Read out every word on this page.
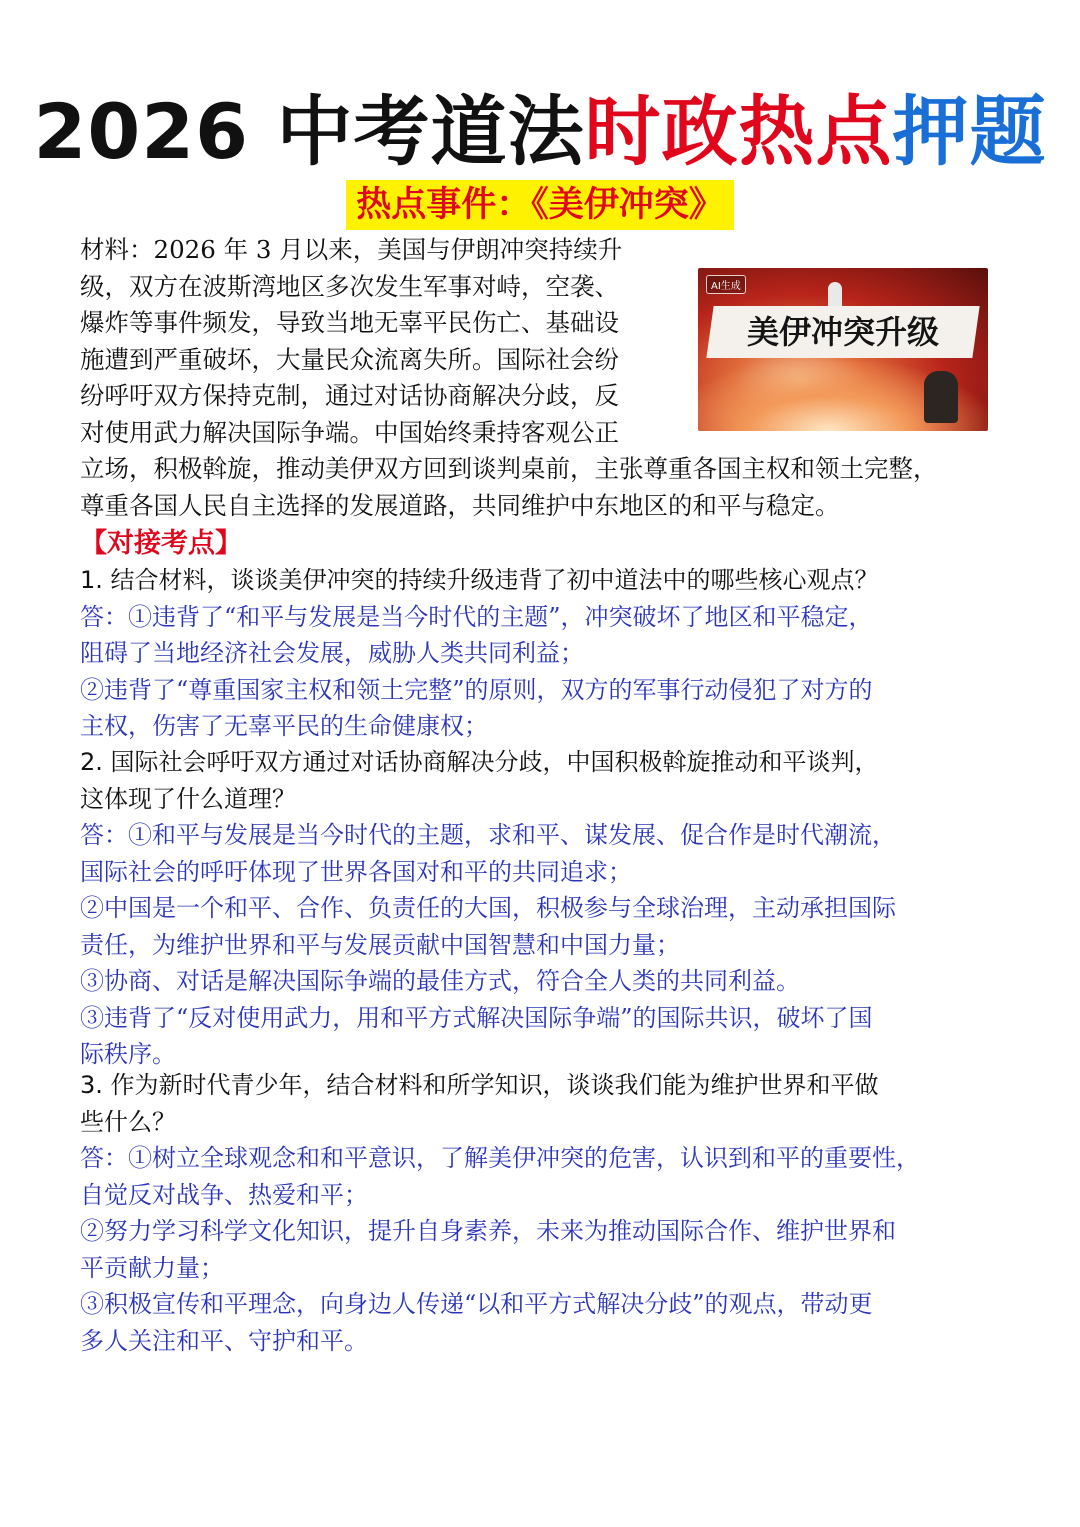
2026 中考道法时政热点押题
热点事件：《美伊冲突》
材料：2026 年 3 月以来，美国与伊朗冲突持续升
级，双方在波斯湾地区多次发生军事对峙，空袭、
爆炸等事件频发，导致当地无辜平民伤亡、基础设
施遭到严重破坏，大量民众流离失所。国际社会纷
纷呼吁双方保持克制，通过对话协商解决分歧，反
对使用武力解决国际争端。中国始终秉持客观公正
AI生成
美伊冲突升级
立场，积极斡旋，推动美伊双方回到谈判桌前，主张尊重各国主权和领土完整，
尊重各国人民自主选择的发展道路，共同维护中东地区的和平与稳定。
【对接考点】
1. 结合材料，谈谈美伊冲突的持续升级违背了初中道法中的哪些核心观点？
答：①违背了“和平与发展是当今时代的主题”，冲突破坏了地区和平稳定，
阻碍了当地经济社会发展，威胁人类共同利益；
②违背了“尊重国家主权和领土完整”的原则，双方的军事行动侵犯了对方的
主权，伤害了无辜平民的生命健康权；
2. 国际社会呼吁双方通过对话协商解决分歧，中国积极斡旋推动和平谈判，
这体现了什么道理？
答：①和平与发展是当今时代的主题，求和平、谋发展、促合作是时代潮流，
国际社会的呼吁体现了世界各国对和平的共同追求；
②中国是一个和平、合作、负责任的大国，积极参与全球治理，主动承担国际
责任，为维护世界和平与发展贡献中国智慧和中国力量；
③协商、对话是解决国际争端的最佳方式，符合全人类的共同利益。
③违背了“反对使用武力，用和平方式解决国际争端”的国际共识，破坏了国
际秩序。
3. 作为新时代青少年，结合材料和所学知识，谈谈我们能为维护世界和平做
些什么？
答：①树立全球观念和和平意识，了解美伊冲突的危害，认识到和平的重要性，
自觉反对战争、热爱和平；
②努力学习科学文化知识，提升自身素养，未来为推动国际合作、维护世界和
平贡献力量；
③积极宣传和平理念，向身边人传递“以和平方式解决分歧”的观点，带动更
多人关注和平、守护和平。
